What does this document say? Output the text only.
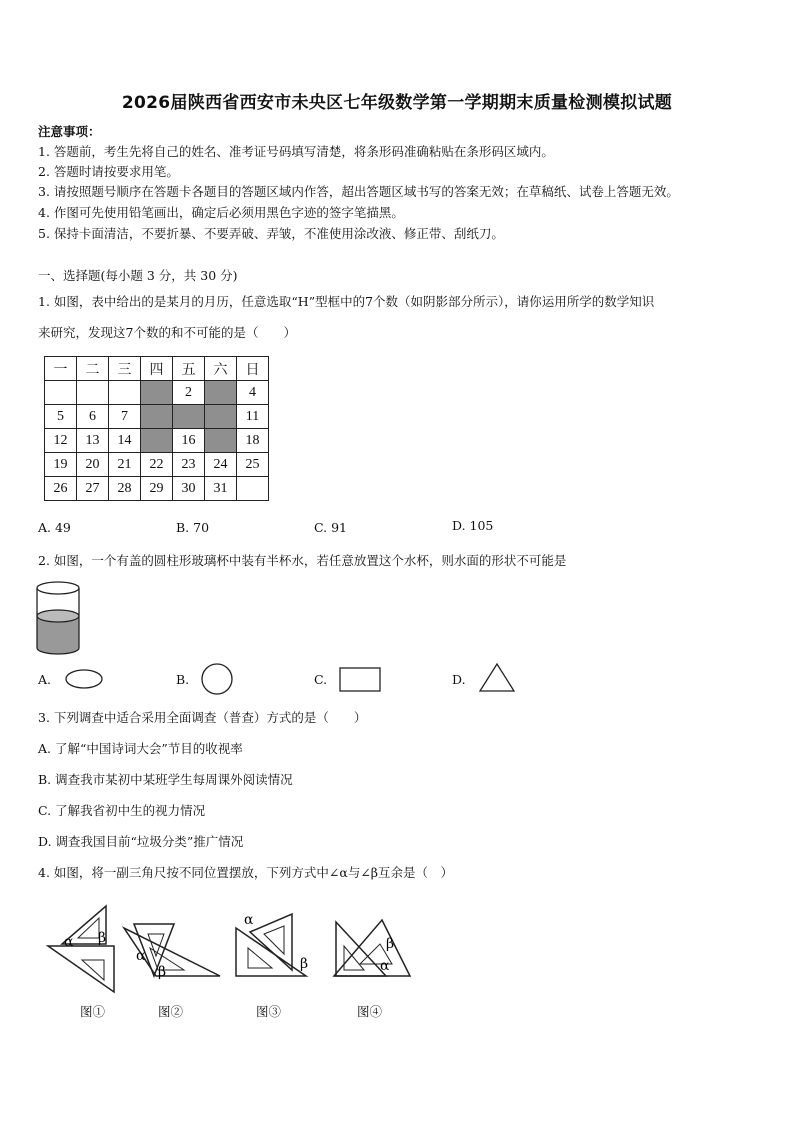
2026届陕西省西安市未央区七年级数学第一学期期末质量检测模拟试题
注意事项：
1. 答题前，考生先将自己的姓名、准考证号码填写清楚，将条形码准确粘贴在条形码区域内。
2. 答题时请按要求用笔。
3. 请按照题号顺序在答题卡各题目的答题区域内作答，超出答题区域书写的答案无效；在草稿纸、试卷上答题无效。
4. 作图可先使用铅笔画出，确定后必须用黑色字迹的签字笔描黑。
5. 保持卡面清洁，不要折暴、不要弄破、弄皱，不准使用涂改液、修正带、刮纸刀。
一、选择题(每小题 3 分，共 30 分)
1. 如图，表中给出的是某月的月历，任意选取“H”型框中的7个数（如阴影部分所示），请你运用所学的数学知识
来研究，发现这7个数的和不可能的是（　　）
一	二	三	四	五	六	日
				2		4
5	6	7				11
12	13	14		16		18
19	20	21	22	23	24	25
26	27	28	29	30	31	
A. 49	B. 70	C. 91	D. 105
2. 如图，一个有盖的圆柱形玻璃杯中装有半杯水，若任意放置这个水杯，则水面的形状不可能是
A.	B.	C.	D.
3. 下列调查中适合采用全面调查（普查）方式的是（　　）
A. 了解“中国诗词大会”节目的收视率
B. 调查我市某初中某班学生每周课外阅读情况
C. 了解我省初中生的视力情况
D. 调查我国目前“垃圾分类”推广情况
4. 如图，将一副三角尺按不同位置摆放，下列方式中∠α与∠β互余是（　）
α β
α
β
α
β
β
α
图①	图②	图③	图④
